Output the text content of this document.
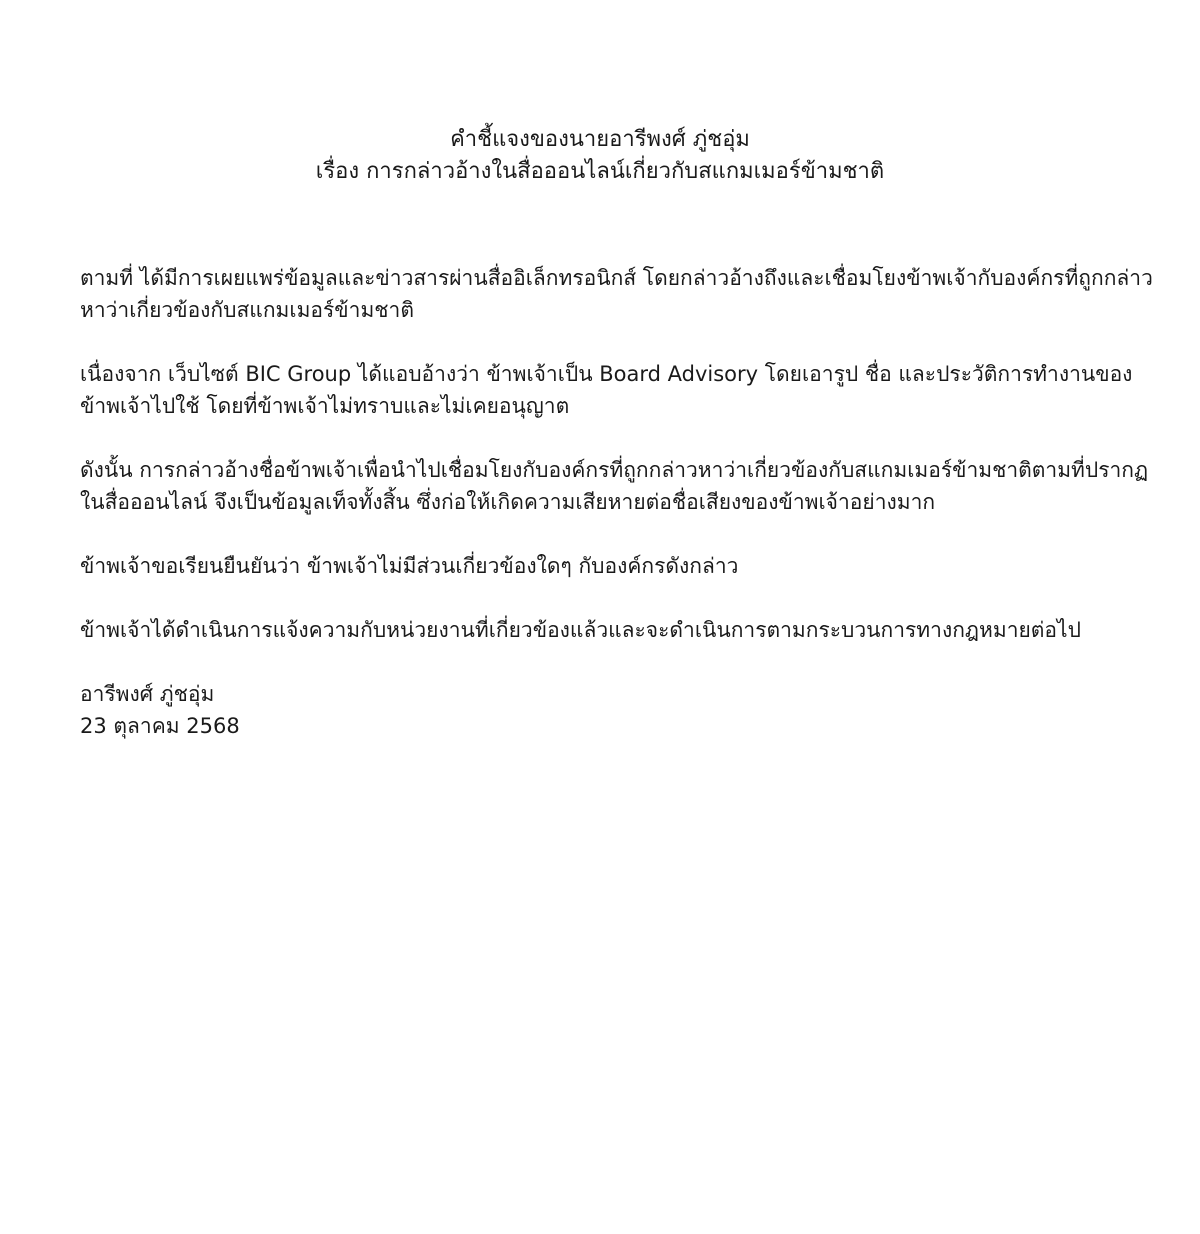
คำชี้แจงของนายอารีพงศ์ ภู่ชอุ่ม

เรื่อง การกล่าวอ้างในสื่อออนไลน์เกี่ยวกับสแกมเมอร์ข้ามชาติ

ตามที่ ได้มีการเผยแพร่ข้อมูลและข่าวสารผ่านสื่ออิเล็กทรอนิกส์ โดยกล่าวอ้างถึงและเชื่อมโยงข้าพเจ้ากับองค์กรที่ถูกกล่าวหาว่าเกี่ยวข้องกับสแกมเมอร์ข้ามชาติ

เนื่องจาก เว็บไซต์ BIC Group ได้แอบอ้างว่า ข้าพเจ้าเป็น Board Advisory โดยเอารูป ชื่อ และประวัติการทำงานของข้าพเจ้าไปใช้ โดยที่ข้าพเจ้าไม่ทราบและไม่เคยอนุญาต

ดังนั้น การกล่าวอ้างชื่อข้าพเจ้าเพื่อนำไปเชื่อมโยงกับองค์กรที่ถูกกล่าวหาว่าเกี่ยวข้องกับสแกมเมอร์ข้ามชาติตามที่ปรากฏในสื่อออนไลน์ จึงเป็นข้อมูลเท็จทั้งสิ้น ซึ่งก่อให้เกิดความเสียหายต่อชื่อเสียงของข้าพเจ้าอย่างมาก

ข้าพเจ้าขอเรียนยืนยันว่า ข้าพเจ้าไม่มีส่วนเกี่ยวข้องใดๆ กับองค์กรดังกล่าว

ข้าพเจ้าได้ดำเนินการแจ้งความกับหน่วยงานที่เกี่ยวข้องแล้วและจะดำเนินการตามกระบวนการทางกฎหมายต่อไป

อารีพงศ์ ภู่ชอุ่ม

23 ตุลาคม 2568
